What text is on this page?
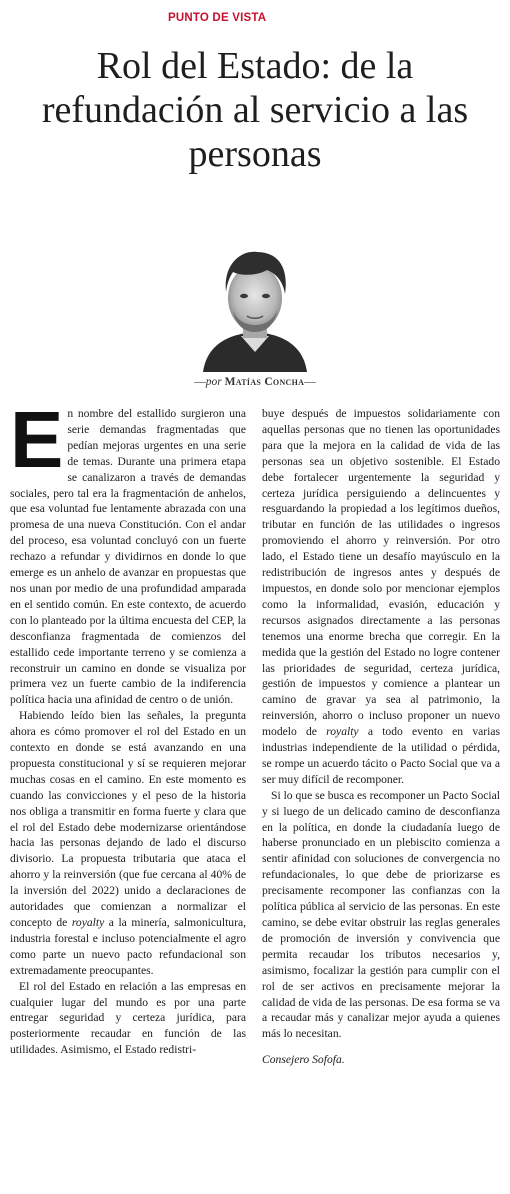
PUNTO DE VISTA
Rol del Estado: de la refundación al servicio a las personas
—por Matías Concha—

En nombre del estallido surgieron una serie demandas fragmentadas que pedían mejoras urgentes en una serie de temas. Durante una primera etapa se canalizaron a través de demandas sociales, pero tal era la fragmentación de anhelos, que esa voluntad fue lentamente abrazada con una promesa de una nueva Constitución. Con el andar del proceso, esa voluntad concluyó con un fuerte rechazo a refundar y dividirnos en donde lo que emerge es un anhelo de avanzar en propuestas que nos unan por medio de una profundidad amparada en el sentido común. En este contexto, de acuerdo con lo planteado por la última encuesta del CEP, la desconfianza fragmentada de comienzos del estallido cede importante terreno y se comienza a reconstruir un camino en donde se visualiza por primera vez un fuerte cambio de la indiferencia política hacia una afinidad de centro o de unión.

Habiendo leído bien las señales, la pregunta ahora es cómo promover el rol del Estado en un contexto en donde se está avanzando en una propuesta constitucional y sí se requieren mejorar muchas cosas en el camino. En este momento es cuando las convicciones y el peso de la historia nos obliga a transmitir en forma fuerte y clara que el rol del Estado debe modernizarse orientándose hacia las personas dejando de lado el discurso divisorio. La propuesta tributaria que ataca el ahorro y la reinversión (que fue cercana al 40% de la inversión del 2022) unido a declaraciones de autoridades que comienzan a normalizar el concepto de royalty a la minería, salmonicultura, industria forestal e incluso potencialmente el agro como parte un nuevo pacto refundacional son extremadamente preocupantes.

El rol del Estado en relación a las empresas en cualquier lugar del mundo es por una parte entregar seguridad y certeza jurídica, para posteriormente recaudar en función de las utilidades. Asimismo, el Estado redistri-

buye después de impuestos solidariamente con aquellas personas que no tienen las oportunidades para que la mejora en la calidad de vida de las personas sea un objetivo sostenible. El Estado debe fortalecer urgentemente la seguridad y certeza jurídica persiguiendo a delincuentes y resguardando la propiedad a los legítimos dueños, tributar en función de las utilidades o ingresos promoviendo el ahorro y reinversión. Por otro lado, el Estado tiene un desafío mayúsculo en la redistribución de ingresos antes y después de impuestos, en donde solo por mencionar ejemplos como la informalidad, evasión, educación y recursos asignados directamente a las personas tenemos una enorme brecha que corregir. En la medida que la gestión del Estado no logre contener las prioridades de seguridad, certeza jurídica, gestión de impuestos y comience a plantear un camino de gravar ya sea al patrimonio, la reinversión, ahorro o incluso proponer un nuevo modelo de royalty a todo evento en varias industrias independiente de la utilidad o pérdida, se rompe un acuerdo tácito o Pacto Social que va a ser muy difícil de recomponer.

Si lo que se busca es recomponer un Pacto Social y si luego de un delicado camino de desconfianza en la política, en donde la ciudadanía luego de haberse pronunciado en un plebiscito comienza a sentir afinidad con soluciones de convergencia no refundacionales, lo que debe de priorizarse es precisamente recomponer las confianzas con la política pública al servicio de las personas. En este camino, se debe evitar obstruir las reglas generales de promoción de inversión y convivencia que permita recaudar los tributos necesarios y, asimismo, focalizar la gestión para cumplir con el rol de ser activos en precisamente mejorar la calidad de vida de las personas. De esa forma se va a recaudar más y canalizar mejor ayuda a quienes más lo necesitan.

Consejero Sofofa.
